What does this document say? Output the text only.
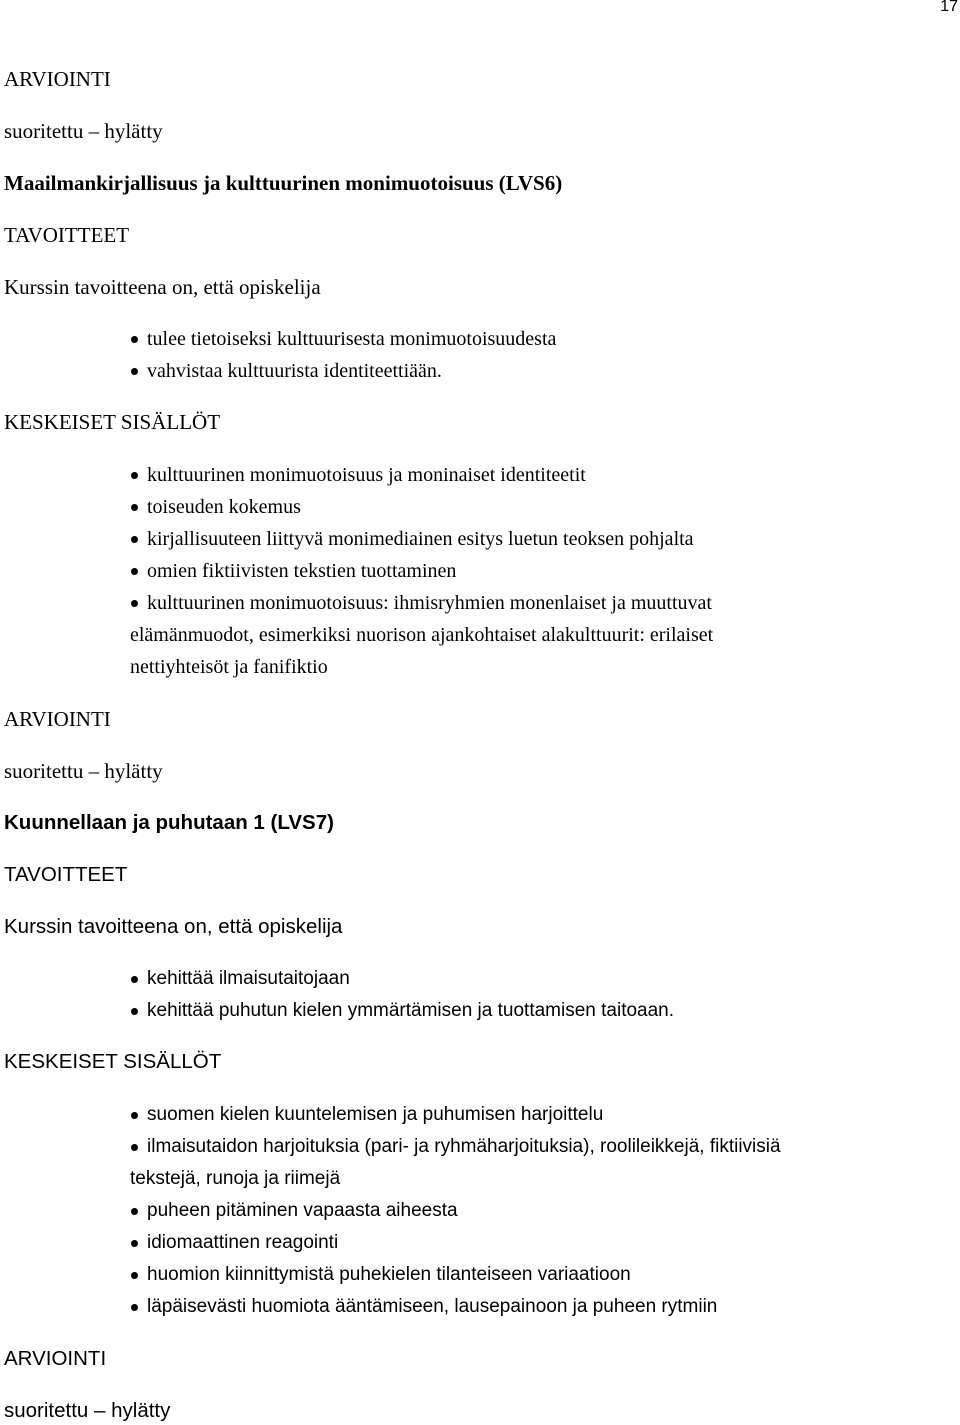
17

ARVIOINTI

suoritettu – hylätty

Maailmankirjallisuus ja kulttuurinen monimuotoisuus (LVS6)

TAVOITTEET

Kurssin tavoitteena on, että opiskelija

tulee tietoiseksi kulttuurisesta monimuotoisuudesta
vahvistaa kulttuurista identiteettiään.

KESKEISET SISÄLLÖT

kulttuurinen monimuotoisuus ja moninaiset identiteetit
toiseuden kokemus
kirjallisuuteen liittyvä monimediainen esitys luetun teoksen pohjalta
omien fiktiivisten tekstien tuottaminen
kulttuurinen monimuotoisuus: ihmisryhmien monenlaiset ja muuttuvat
elämänmuodot, esimerkiksi nuorison ajankohtaiset alakulttuurit: erilaiset
nettiyhteisöt ja fanifiktio

ARVIOINTI

suoritettu – hylätty

Kuunnellaan ja puhutaan 1 (LVS7)

TAVOITTEET

Kurssin tavoitteena on, että opiskelija

kehittää ilmaisutaitojaan
kehittää puhutun kielen ymmärtämisen ja tuottamisen taitoaan.

KESKEISET SISÄLLÖT

suomen kielen kuuntelemisen ja puhumisen harjoittelu
ilmaisutaidon harjoituksia (pari- ja ryhmäharjoituksia), roolileikkejä, fiktiivisiä
tekstejä, runoja ja riimejä
puheen pitäminen vapaasta aiheesta
idiomaattinen reagointi
huomion kiinnittymistä puhekielen tilanteiseen variaatioon
läpäisevästi huomiota ääntämiseen, lausepainoon ja puheen rytmiin

ARVIOINTI

suoritettu – hylätty
